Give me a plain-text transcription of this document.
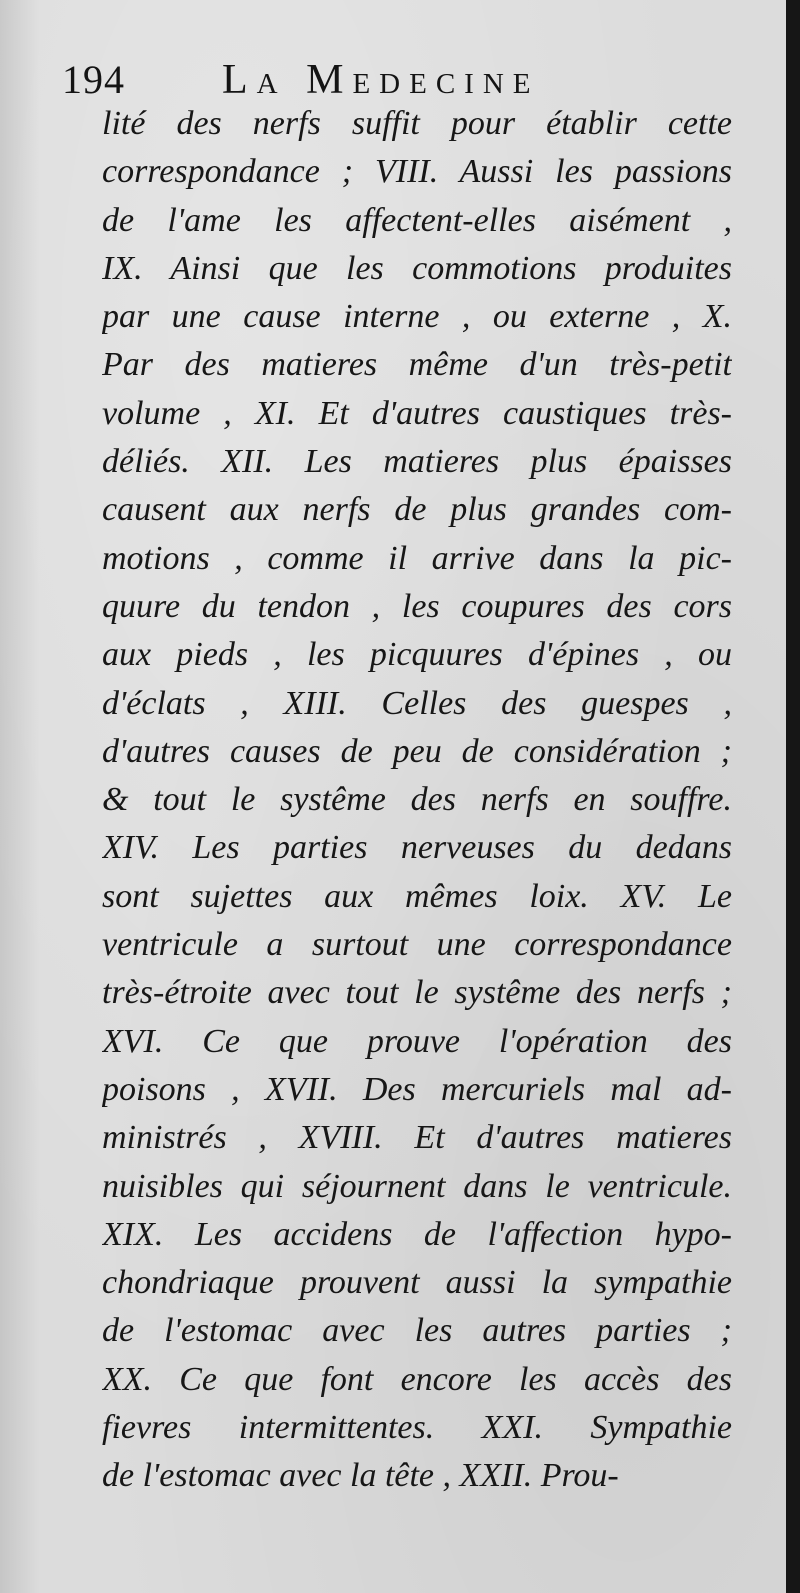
194 La Medecine
lité des nerfs suffit pour établir cette
correspondance ; VIII. Aussi les passions
de l'ame les affectent-elles aisément ,
IX. Ainsi que les commotions produites
par une cause interne , ou externe , X.
Par des matieres même d'un très-petit
volume , XI. Et d'autres caustiques très-
déliés. XII. Les matieres plus épaisses
causent aux nerfs de plus grandes com-
motions , comme il arrive dans la pic-
quure du tendon , les coupures des cors
aux pieds , les picquures d'épines , ou
d'éclats , XIII. Celles des guespes ,
d'autres causes de peu de considération ;
& tout le systême des nerfs en souffre.
XIV. Les parties nerveuses du dedans
sont sujettes aux mêmes loix. XV. Le
ventricule a surtout une correspondance
très-étroite avec tout le systême des nerfs ;
XVI. Ce que prouve l'opération des
poisons , XVII. Des mercuriels mal ad-
ministrés , XVIII. Et d'autres matieres
nuisibles qui séjournent dans le ventricule.
XIX. Les accidens de l'affection hypo-
chondriaque prouvent aussi la sympathie
de l'estomac avec les autres parties ;
XX. Ce que font encore les accès des
fievres intermittentes. XXI. Sympathie
de l'estomac avec la tête , XXII. Prou-
